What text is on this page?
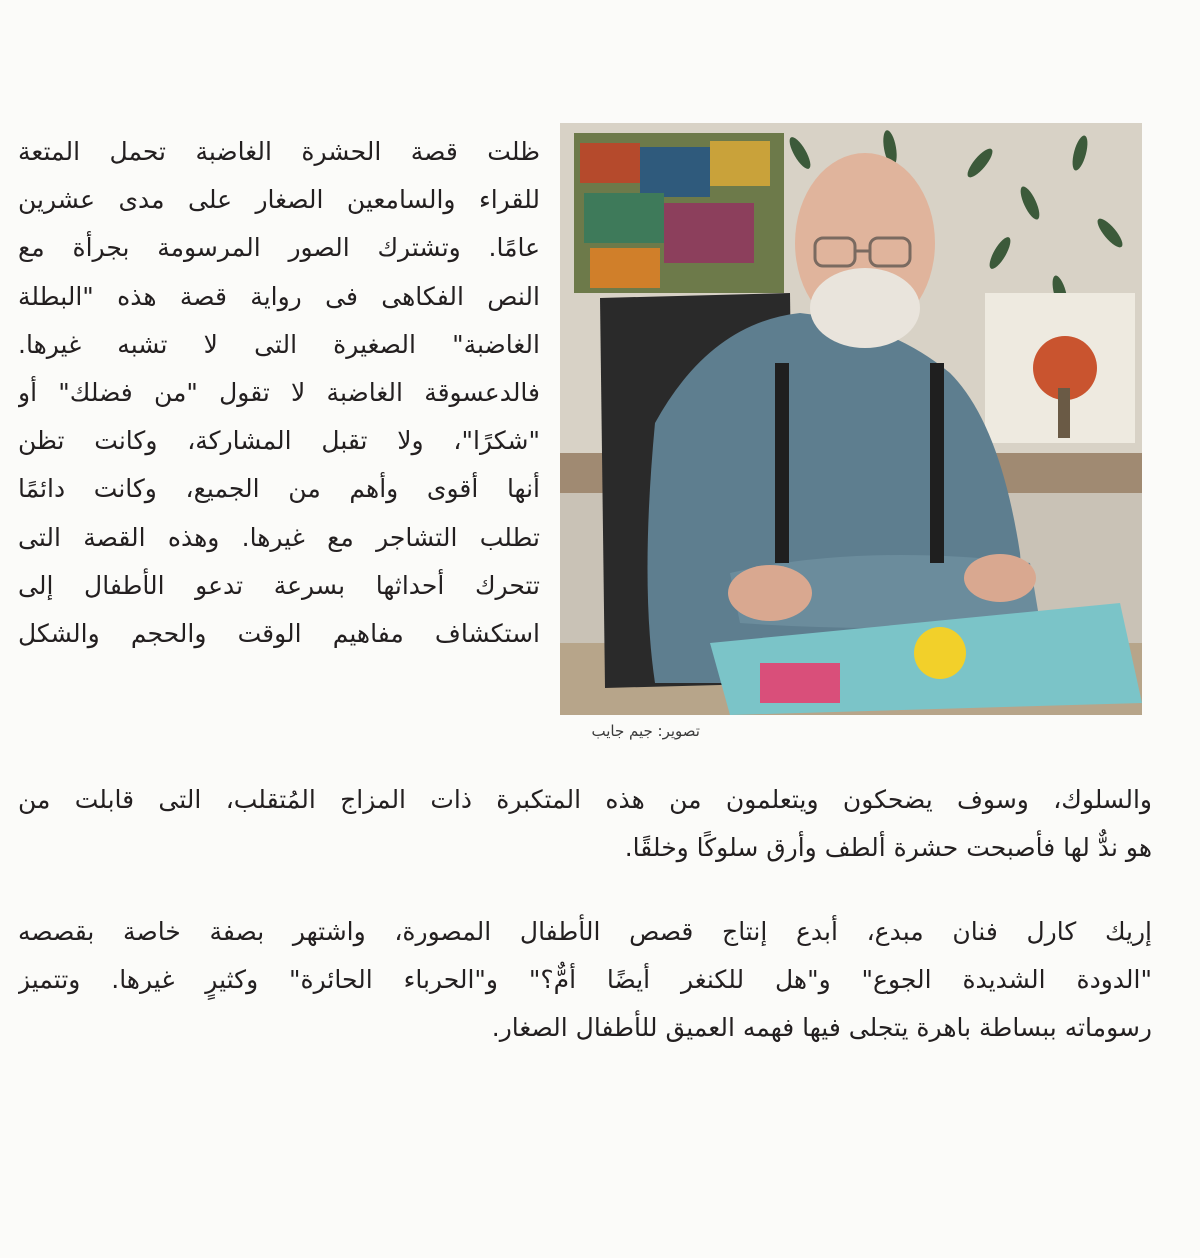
ظلت قصة الحشرة الغاضبة تحمل المتعة
للقراء والسامعين الصغار على مدى عشرين
عامًا. وتشترك الصور المرسومة بجرأة مع
النص الفكاهى فى رواية قصة هذه "البطلة
الغاضبة" الصغيرة التى لا تشبه غيرها.
فالدعسوقة الغاضبة لا تقول "من فضلك" أو
"شكرًا"، ولا تقبل المشاركة، وكانت تظن
أنها أقوى وأهم من الجميع، وكانت دائمًا
تطلب التشاجر مع غيرها. وهذه القصة التى
تتحرك أحداثها بسرعة تدعو الأطفال إلى
استكشاف مفاهيم الوقت والحجم والشكل
تصوير: جيم جايب
والسلوك، وسوف يضحكون ويتعلمون من هذه المتكبرة ذات المزاج المُتقلب، التى قابلت من
هو ندٌّ لها فأصبحت حشرة ألطف وأرق سلوكًا وخلقًا.
إريك كارل فنان مبدع، أبدع إنتاج قصص الأطفال المصورة، واشتهر بصفة خاصة بقصصه
"الدودة الشديدة الجوع" و"هل للكنغر أيضًا أمٌّ؟" و"الحرباء الحائرة" وكثيرٍ غيرها. وتتميز
رسوماته ببساطة باهرة يتجلى فيها فهمه العميق للأطفال الصغار.
